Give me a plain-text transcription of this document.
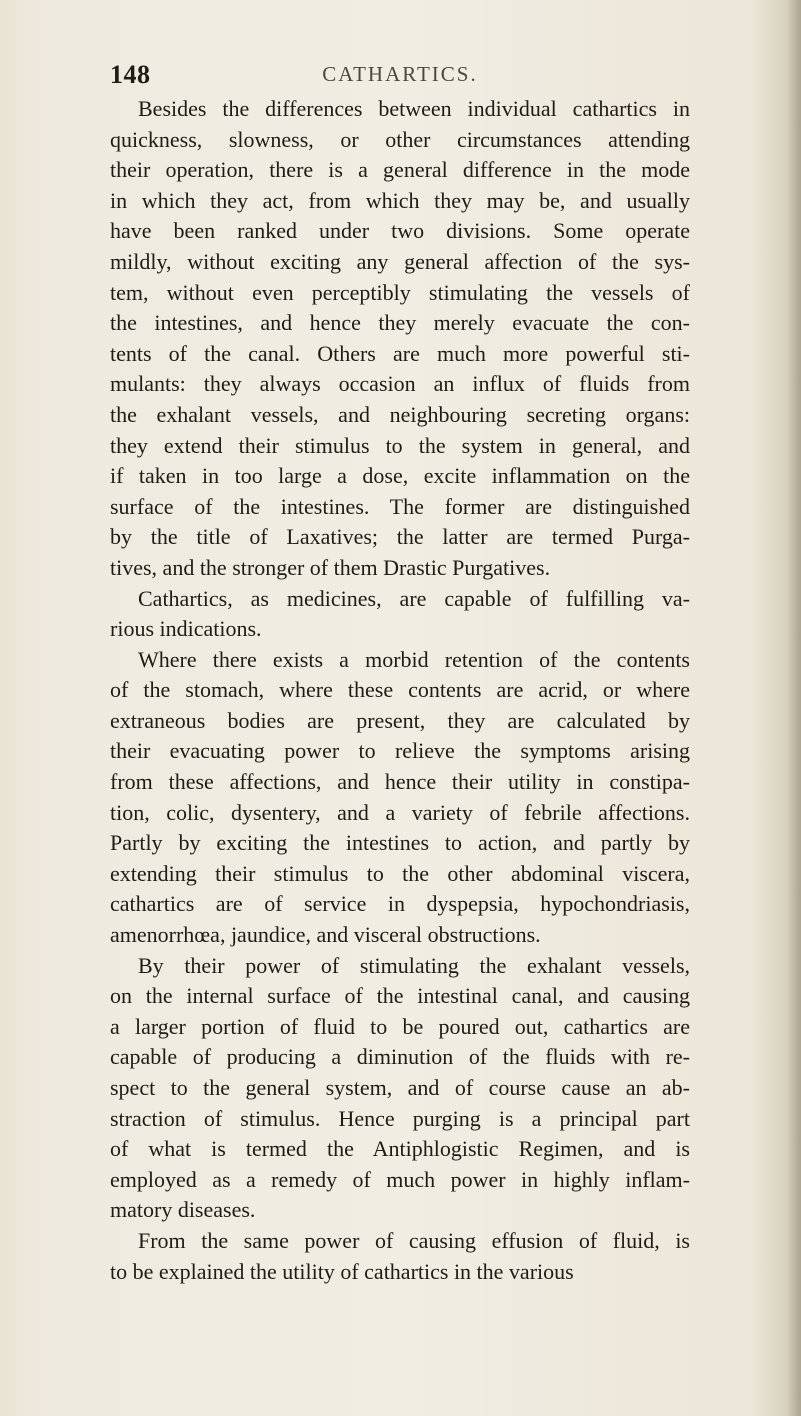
148	CATHARTICS.

Besides the differences between individual cathartics in
quickness, slowness, or other circumstances attending
their operation, there is a general difference in the mode
in which they act, from which they may be, and usually
have been ranked under two divisions. Some operate
mildly, without exciting any general affection of the sys-
tem, without even perceptibly stimulating the vessels of
the intestines, and hence they merely evacuate the con-
tents of the canal. Others are much more powerful sti-
mulants: they always occasion an influx of fluids from
the exhalant vessels, and neighbouring secreting organs:
they extend their stimulus to the system in general, and
if taken in too large a dose, excite inflammation on the
surface of the intestines. The former are distinguished
by the title of Laxatives; the latter are termed Purga-
tives, and the stronger of them Drastic Purgatives.

Cathartics, as medicines, are capable of fulfilling va-
rious indications.

Where there exists a morbid retention of the contents
of the stomach, where these contents are acrid, or where
extraneous bodies are present, they are calculated by
their evacuating power to relieve the symptoms arising
from these affections, and hence their utility in constipa-
tion, colic, dysentery, and a variety of febrile affections.
Partly by exciting the intestines to action, and partly by
extending their stimulus to the other abdominal viscera,
cathartics are of service in dyspepsia, hypochondriasis,
amenorrhœa, jaundice, and visceral obstructions.

By their power of stimulating the exhalant vessels,
on the internal surface of the intestinal canal, and causing
a larger portion of fluid to be poured out, cathartics are
capable of producing a diminution of the fluids with re-
spect to the general system, and of course cause an ab-
straction of stimulus. Hence purging is a principal part
of what is termed the Antiphlogistic Regimen, and is
employed as a remedy of much power in highly inflam-
matory diseases.

From the same power of causing effusion of fluid, is
to be explained the utility of cathartics in the various
